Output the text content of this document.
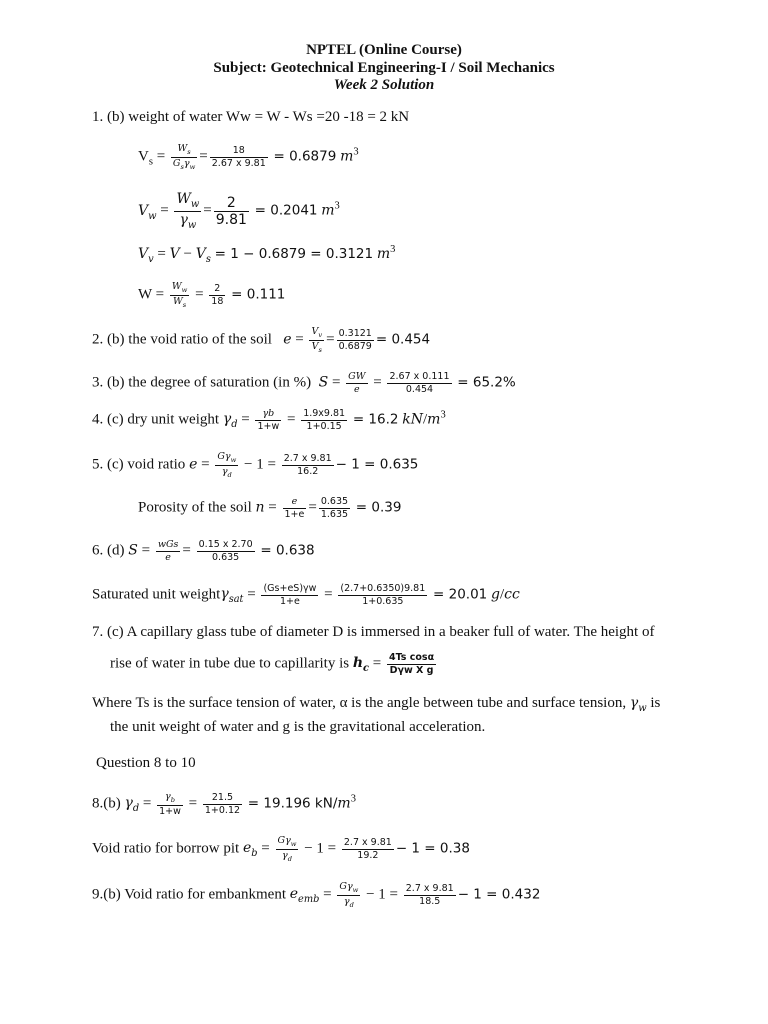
NPTEL (Online Course)
Subject: Geotechnical Engineering-I / Soil Mechanics
Week 2 Solution
1. (b) weight of water Ww = W - Ws =20 -18 = 2 kN
$V_s = \frac{W_s}{G_s\gamma_w} = \frac{18}{2.67 x 9.81} = 0.6879$ $m^3$
$V_w = \frac{W_w}{\gamma_w} = \frac{2}{9.81} = 0.2041$ $m^3$
$V_v = V - V_s = 1 - 0.6879 = 0.3121$ $m^3$
$W = \frac{W_w}{W_s} = \frac{2}{18} = 0.111$
2. (b) the void ratio of the soil $e = \frac{V_v}{V_s} = \frac{0.3121}{0.6879} = 0.454$
3. (b) the degree of saturation (in %) $S = \frac{GW}{e} = \frac{2.67 x 0.111}{0.454} = 65.2\%$
4. (c) dry unit weight $\gamma_d = \frac{\gamma b}{1+w} = \frac{1.9x9.81}{1+0.15} = 16.2$ $kN/m^3$
5. (c) void ratio $e = \frac{G\gamma_w}{\gamma_d} - 1 = \frac{2.7 x 9.81}{16.2} - 1 = 0.635$
Porosity of the soil $n = \frac{e}{1+e} = \frac{0.635}{1.635} = 0.39$
6. (d) $S = \frac{\text{wGs}}{e} = \frac{0.15 x 2.70}{0.635} = 0.638$
Saturated unit weightγ$_{sat}$ = $\frac{(Gs+eS)\gamma w}{1+e} = \frac{(2.7+0.6350)9.81}{1+0.635} = 20.01$ g/cc
7. (c) A capillary glass tube of diameter D is immersed in a beaker full of water. The height of
rise of water in tube due to capillarity is $h_c = \frac{\text{4Ts cosα}}{\text{Dγw X g}}$
Where Ts is the surface tension of water, α is the angle between tube and surface tension, $\gamma_w$ is
the unit weight of water and g is the gravitational acceleration.
Question 8 to 10
8.(b) $\gamma_d = \frac{\gamma_b}{1+w} = \frac{21.5}{1+0.12} = 19.196$ $kN/m^3$
Void ratio for borrow pit $e_b = \frac{G\gamma_w}{\gamma_d} - 1 = \frac{2.7 x 9.81}{19.2} - 1 = 0.38$
9.(b) Void ratio for embankment $e_{emb} = \frac{G\gamma_w}{\gamma_d} - 1 = \frac{2.7 x 9.81}{18.5} - 1 = 0.432$
